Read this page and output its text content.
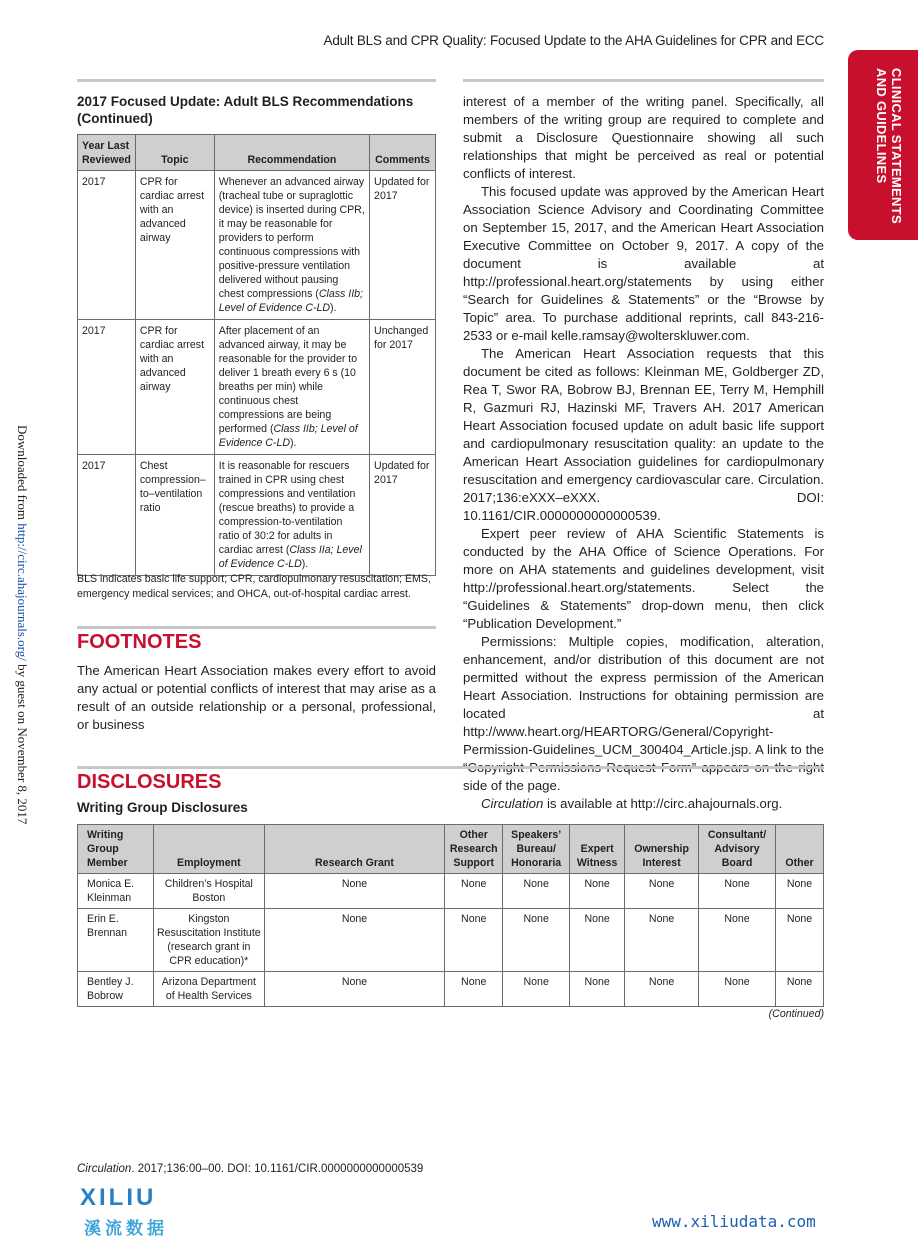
Adult BLS and CPR Quality: Focused Update to the AHA Guidelines for CPR and ECC
CLINICAL STATEMENTS
AND GUIDELINES
Downloaded from http://circ.ahajournals.org/ by guest on November 8, 2017
2017 Focused Update: Adult BLS Recommendations (Continued)
Year Last Reviewed	Topic	Recommendation	Comments
2017	CPR for cardiac arrest with an advanced airway	Whenever an advanced airway (tracheal tube or supraglottic device) is inserted during CPR, it may be reasonable for providers to perform continuous compressions with positive-pressure ventilation delivered without pausing chest compressions (Class IIb; Level of Evidence C-LD).	Updated for 2017
2017	CPR for cardiac arrest with an advanced airway	After placement of an advanced airway, it may be reasonable for the provider to deliver 1 breath every 6 s (10 breaths per min) while continuous chest compressions are being performed (Class IIb; Level of Evidence C-LD).	Unchanged for 2017
2017	Chest compression–to–ventilation ratio	It is reasonable for rescuers trained in CPR using chest compressions and ventilation (rescue breaths) to provide a compression-to-ventilation ratio of 30:2 for adults in cardiac arrest (Class IIa; Level of Evidence C-LD).	Updated for 2017
BLS indicates basic life support; CPR, cardiopulmonary resuscitation; EMS, emergency medical services; and OHCA, out-of-hospital cardiac arrest.
FOOTNOTES
The American Heart Association makes every effort to avoid any actual or potential conflicts of interest that may arise as a result of an outside relationship or a personal, professional, or business

interest of a member of the writing panel. Specifically, all members of the writing group are required to complete and submit a Disclosure Questionnaire showing all such relationships that might be perceived as real or potential conflicts of interest.

This focused update was approved by the American Heart Association Science Advisory and Coordinating Committee on September 15, 2017, and the American Heart Association Executive Committee on October 9, 2017. A copy of the document is available at http://professional.heart.org/statements by using either “Search for Guidelines & Statements” or the “Browse by Topic” area. To purchase additional reprints, call 843-216-2533 or e-mail kelle.ramsay@wolterskluwer.com.

The American Heart Association requests that this document be cited as follows: Kleinman ME, Goldberger ZD, Rea T, Swor RA, Bobrow BJ, Brennan EE, Terry M, Hemphill R, Gazmuri RJ, Hazinski MF, Travers AH. 2017 American Heart Association focused update on adult basic life support and cardiopulmonary resuscitation quality: an update to the American Heart Association guidelines for cardiopulmonary resuscitation and emergency cardiovascular care. Circulation. 2017;136:eXXX–eXXX. DOI: 10.1161/CIR.0000000000000539.

Expert peer review of AHA Scientific Statements is conducted by the AHA Office of Science Operations. For more on AHA statements and guidelines development, visit http://professional.heart.org/statements. Select the “Guidelines & Statements” drop-down menu, then click “Publication Development.”

Permissions: Multiple copies, modification, alteration, enhancement, and/or distribution of this document are not permitted without the express permission of the American Heart Association. Instructions for obtaining permission are located at http://www.heart.org/HEARTORG/General/Copyright-Permission-Guidelines_UCM_300404_Article.jsp. A link to the side of the page.

Circulation is available at http://circ.ahajournals.org.

DISCLOSURES
Writing Group Disclosures
Writing Group Member	Employment	Research Grant	Other Research Support	Speakers’ Bureau/ Honoraria	Expert Witness	Ownership Interest	Consultant/ Advisory Board	Other
Monica E. Kleinman	Children’s Hospital Boston	None	None	None	None	None	None	None
Erin E. Brennan	Kingston Resuscitation Institute (research grant in CPR education)*	None	None	None	None	None	None	None
Bentley J. Bobrow	Arizona Department of Health Services	None	None	None	None	None	None	None
(Continued)
Circulation. 2017;136:00–00. DOI: 10.1161/CIR.0000000000000539
XILIU
溪流数据	www.xiliudata.com
